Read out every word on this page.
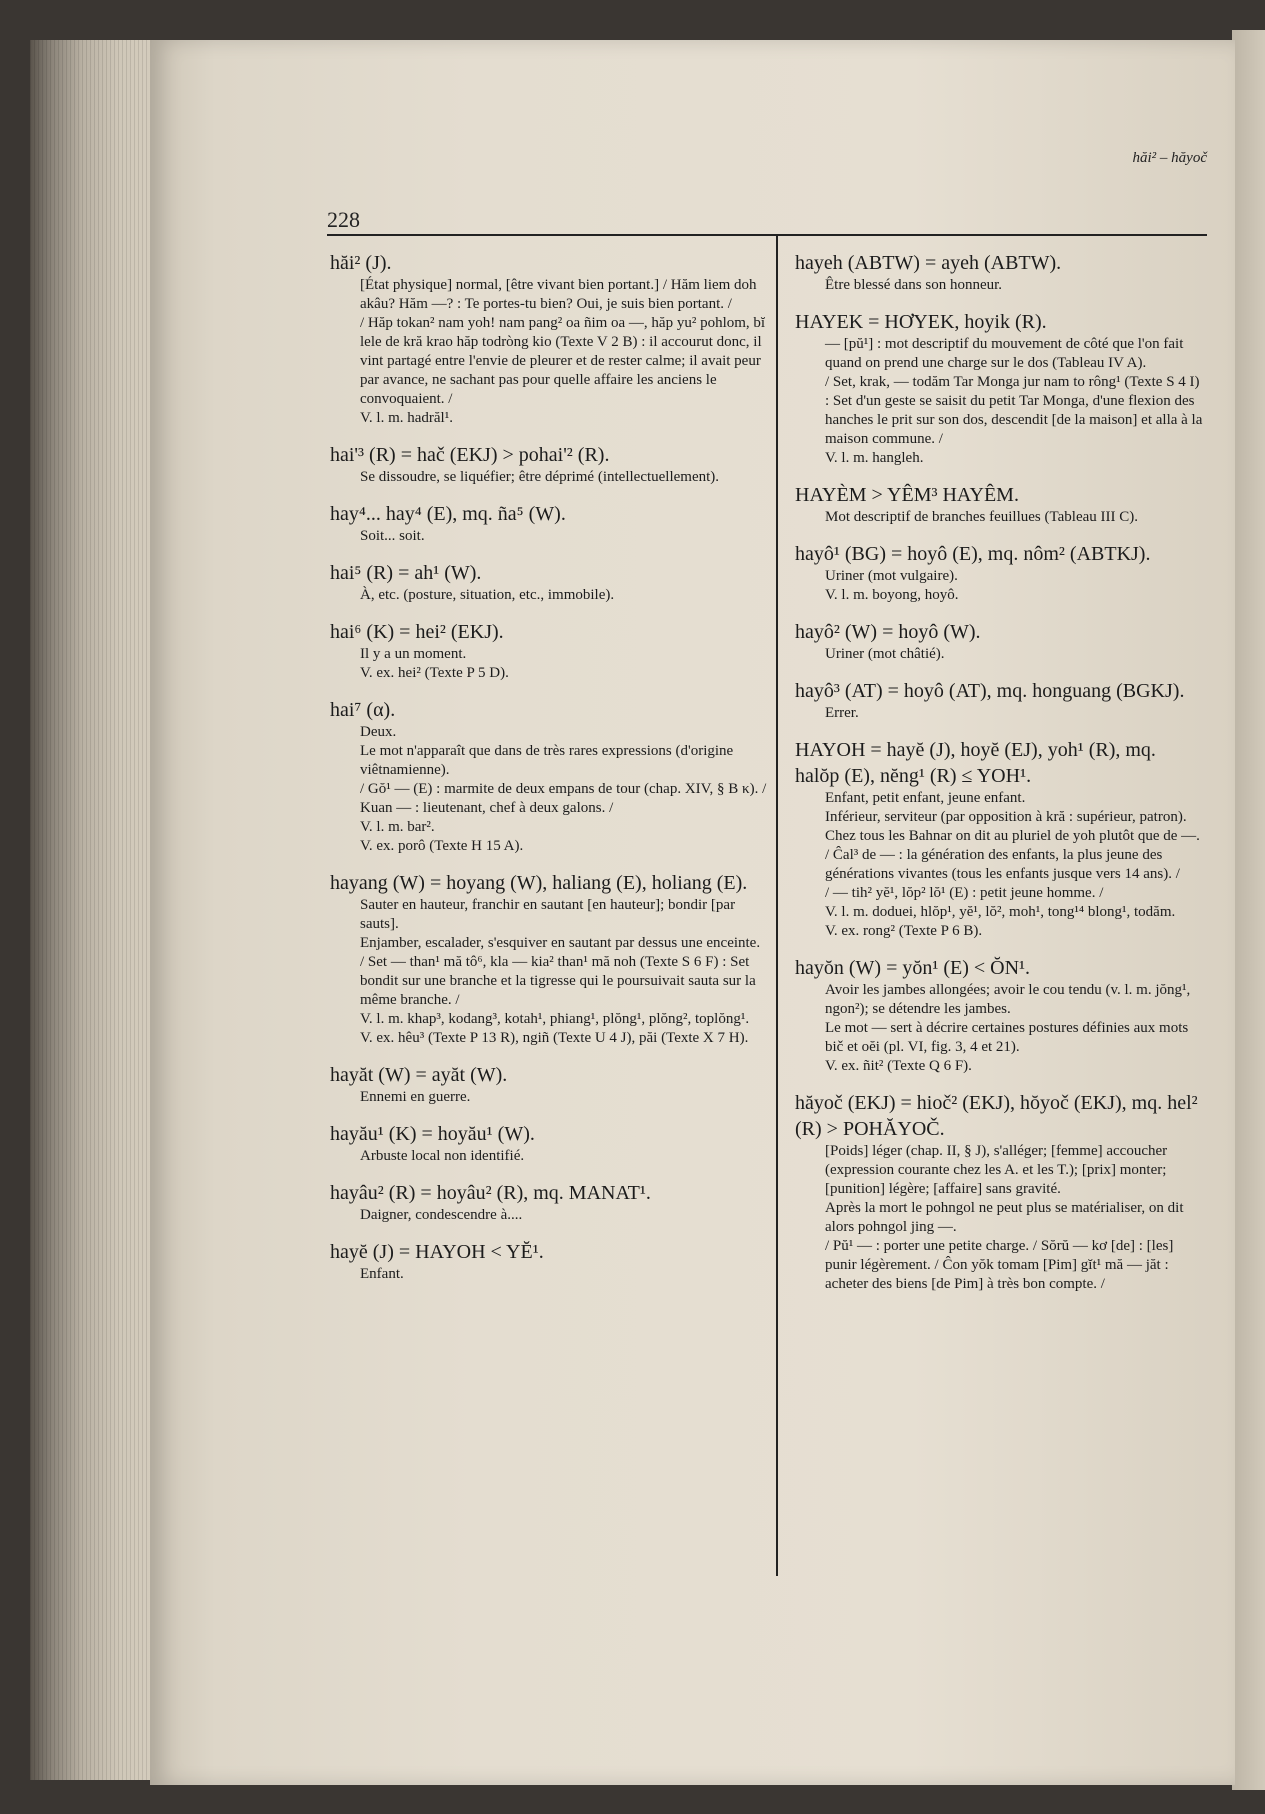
hăi² – hăyoč
228
hăi² (J).
[État physique] normal, [être vivant bien portant.] / Hăm liem doh akâu? Hăm —? : Te portes-tu bien? Oui, je suis bien portant. /
/ Hăp tokan² nam yoh! nam pang² oa ñim oa —, hăp yu² pohlom, bĭ lele de kră krao hăp todròng kio (Texte V 2 B) : il accourut donc, il vint partagé entre l'envie de pleurer et de rester calme; il avait peur par avance, ne sachant pas pour quelle affaire les anciens le convoquaient. /
V. l. m. hadrăl¹.
hai'³ (R) = hač (EKJ) > pohai'² (R).
Se dissoudre, se liquéfier; être déprimé (intellectuellement).
hay⁴... hay⁴ (E), mq. ña⁵ (W).
Soit... soit.
hai⁵ (R) = ah¹ (W).
À, etc. (posture, situation, etc., immobile).
hai⁶ (K) = hei² (EKJ).
Il y a un moment.
V. ex. hei² (Texte P 5 D).
hai⁷ (α).
Deux.
Le mot n'apparaît que dans de très rares expressions (d'origine viêtnamienne).
/ Gŏ¹ — (E) : marmite de deux empans de tour (chap. XIV, § B κ). / Kuan — : lieutenant, chef à deux galons. /
V. l. m. bar².
V. ex. porô (Texte H 15 A).
hayang (W) = hoyang (W), haliang (E), holiang (E).
Sauter en hauteur, franchir en sautant [en hauteur]; bondir [par sauts].
Enjamber, escalader, s'esquiver en sautant par dessus une enceinte.
/ Set — than¹ mă tô⁶, kla — kia² than¹ mă noh (Texte S 6 F) : Set bondit sur une branche et la tigresse qui le poursuivait sauta sur la même branche. /
V. l. m. khap³, kodang³, kotah¹, phiang¹, plŏng¹, plŏng², toplŏng¹.
V. ex. hêu³ (Texte P 13 R), ngiñ (Texte U 4 J), păi (Texte X 7 H).
hayăt (W) = ayăt (W).
Ennemi en guerre.
hayău¹ (K) = hoyău¹ (W).
Arbuste local non identifié.
hayâu² (R) = hoyâu² (R), mq. MANAT¹.
Daigner, condescendre à....
hayĕ (J) = HAYOH < YĔ¹.
Enfant.
hayeh (ABTW) = ayeh (ABTW).
Être blessé dans son honneur.
HAYEK = HƠYEK, hoyik (R).
— [pŭ¹] : mot descriptif du mouvement de côté que l'on fait quand on prend une charge sur le dos (Tableau IV A).
/ Set, krak, — todăm Tar Monga jur nam to rông¹ (Texte S 4 I) : Set d'un geste se saisit du petit Tar Monga, d'une flexion des hanches le prit sur son dos, descendit [de la maison] et alla à la maison commune. /
V. l. m. hangleh.
HAYÈM > YÊM³ HAYÊM.
Mot descriptif de branches feuillues (Tableau III C).
hayô¹ (BG) = hoyô (E), mq. nôm² (ABTKJ).
Uriner (mot vulgaire).
V. l. m. boyong, hoyô.
hayô² (W) = hoyô (W).
Uriner (mot châtié).
hayô³ (AT) = hoyô (AT), mq. honguang (BGKJ).
Errer.
HAYOH = hayĕ (J), hoyĕ (EJ), yoh¹ (R), mq. halŏp (E), nĕng¹ (R) ≤ YOH¹.
Enfant, petit enfant, jeune enfant.
Inférieur, serviteur (par opposition à kră : supérieur, patron).
Chez tous les Bahnar on dit au pluriel de yoh plutôt que de —.
/ Ĉal³ de — : la génération des enfants, la plus jeune des générations vivantes (tous les enfants jusque vers 14 ans). /
/ — tih² yĕ¹, lŏp² lŏ¹ (E) : petit jeune homme. /
V. l. m. doduei, hlŏp¹, yĕ¹, lŏ², moh¹, tong¹⁴ blong¹, todăm.
V. ex. rong² (Texte P 6 B).
hayŏn (W) = yŏn¹ (E) < ŎN¹.
Avoir les jambes allongées; avoir le cou tendu (v. l. m. jŏng¹, ngon²); se détendre les jambes.
Le mot — sert à décrire certaines postures définies aux mots bič et oĕi (pl. VI, fig. 3, 4 et 21).
V. ex. ñit² (Texte Q 6 F).
hăyoč (EKJ) = hioč² (EKJ), hŏyoč (EKJ), mq. hel² (R) > POHĂYOČ.
[Poids] léger (chap. II, § J), s'alléger; [femme] accoucher (expression courante chez les A. et les T.); [prix] monter; [punition] légère; [affaire] sans gravité.
Après la mort le pohngol ne peut plus se matérialiser, on dit alors pohngol jing —.
/ Pŭ¹ — : porter une petite charge. / Sŏrŭ — kơ [de] : [les] punir légèrement. / Ĉon yŏk tomam [Pim] gĭt¹ mă — jăt : acheter des biens [de Pim] à très bon compte. /
